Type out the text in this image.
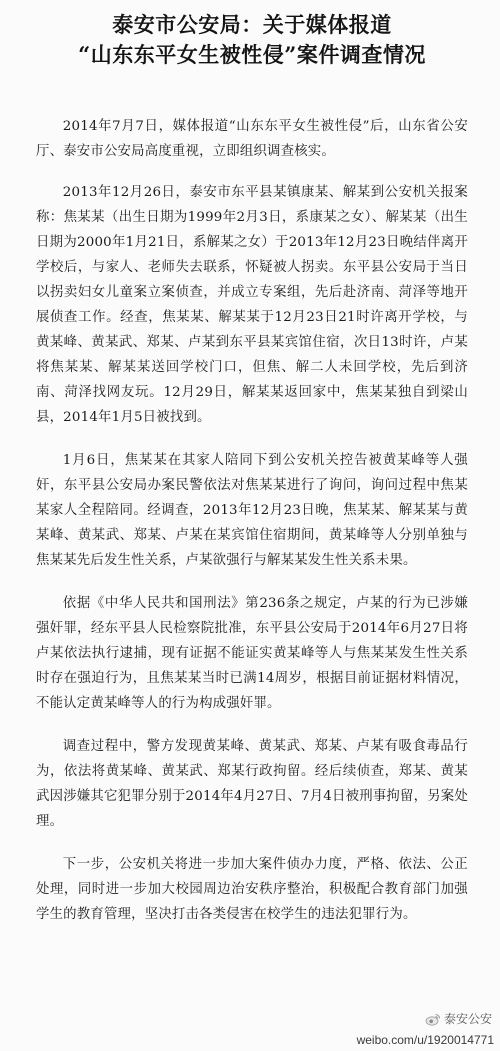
泰安市公安局：关于媒体报道
“山东东平女生被性侵”案件调查情况

2014年7月7日，媒体报道“山东东平女生被性侵”后，山东省公安厅、泰安市公安局高度重视，立即组织调查核实。

2013年12月26日，泰安市东平县某镇康某、解某到公安机关报案称：焦某某（出生日期为1999年2月3日，系康某之女）、解某某（出生日期为2000年1月21日，系解某之女）于2013年12月23日晚结伴离开学校后，与家人、老师失去联系，怀疑被人拐卖。东平县公安局于当日以拐卖妇女儿童案立案侦查，并成立专案组，先后赴济南、菏泽等地开展侦查工作。经查，焦某某、解某某于12月23日21时许离开学校，与黄某峰、黄某武、郑某、卢某到东平县某宾馆住宿，次日13时许，卢某将焦某某、解某某送回学校门口，但焦、解二人未回学校，先后到济南、菏泽找网友玩。12月29日，解某某返回家中，焦某某独自到梁山县，2014年1月5日被找到。

1月6日，焦某某在其家人陪同下到公安机关控告被黄某峰等人强奸，东平县公安局办案民警依法对焦某某进行了询问，询问过程中焦某某家人全程陪同。经调查，2013年12月23日晚，焦某某、解某某与黄某峰、黄某武、郑某、卢某在某宾馆住宿期间，黄某峰等人分别单独与焦某某先后发生性关系，卢某欲强行与解某某发生性关系未果。

依据《中华人民共和国刑法》第236条之规定，卢某的行为已涉嫌强奸罪，经东平县人民检察院批准，东平县公安局于2014年6月27日将卢某依法执行逮捕，现有证据不能证实黄某峰等人与焦某某发生性关系时存在强迫行为，且焦某某当时已满14周岁，根据目前证据材料情况，不能认定黄某峰等人的行为构成强奸罪。

调查过程中，警方发现黄某峰、黄某武、郑某、卢某有吸食毒品行为，依法将黄某峰、黄某武、郑某行政拘留。经后续侦查，郑某、黄某武因涉嫌其它犯罪分别于2014年4月27日、7月4日被刑事拘留，另案处理。

下一步，公安机关将进一步加大案件侦办力度，严格、依法、公正处理，同时进一步加大校园周边治安秩序整治，积极配合教育部门加强学生的教育管理，坚决打击各类侵害在校学生的违法犯罪行为。

泰安公安
weibo.com/u/1920014771
